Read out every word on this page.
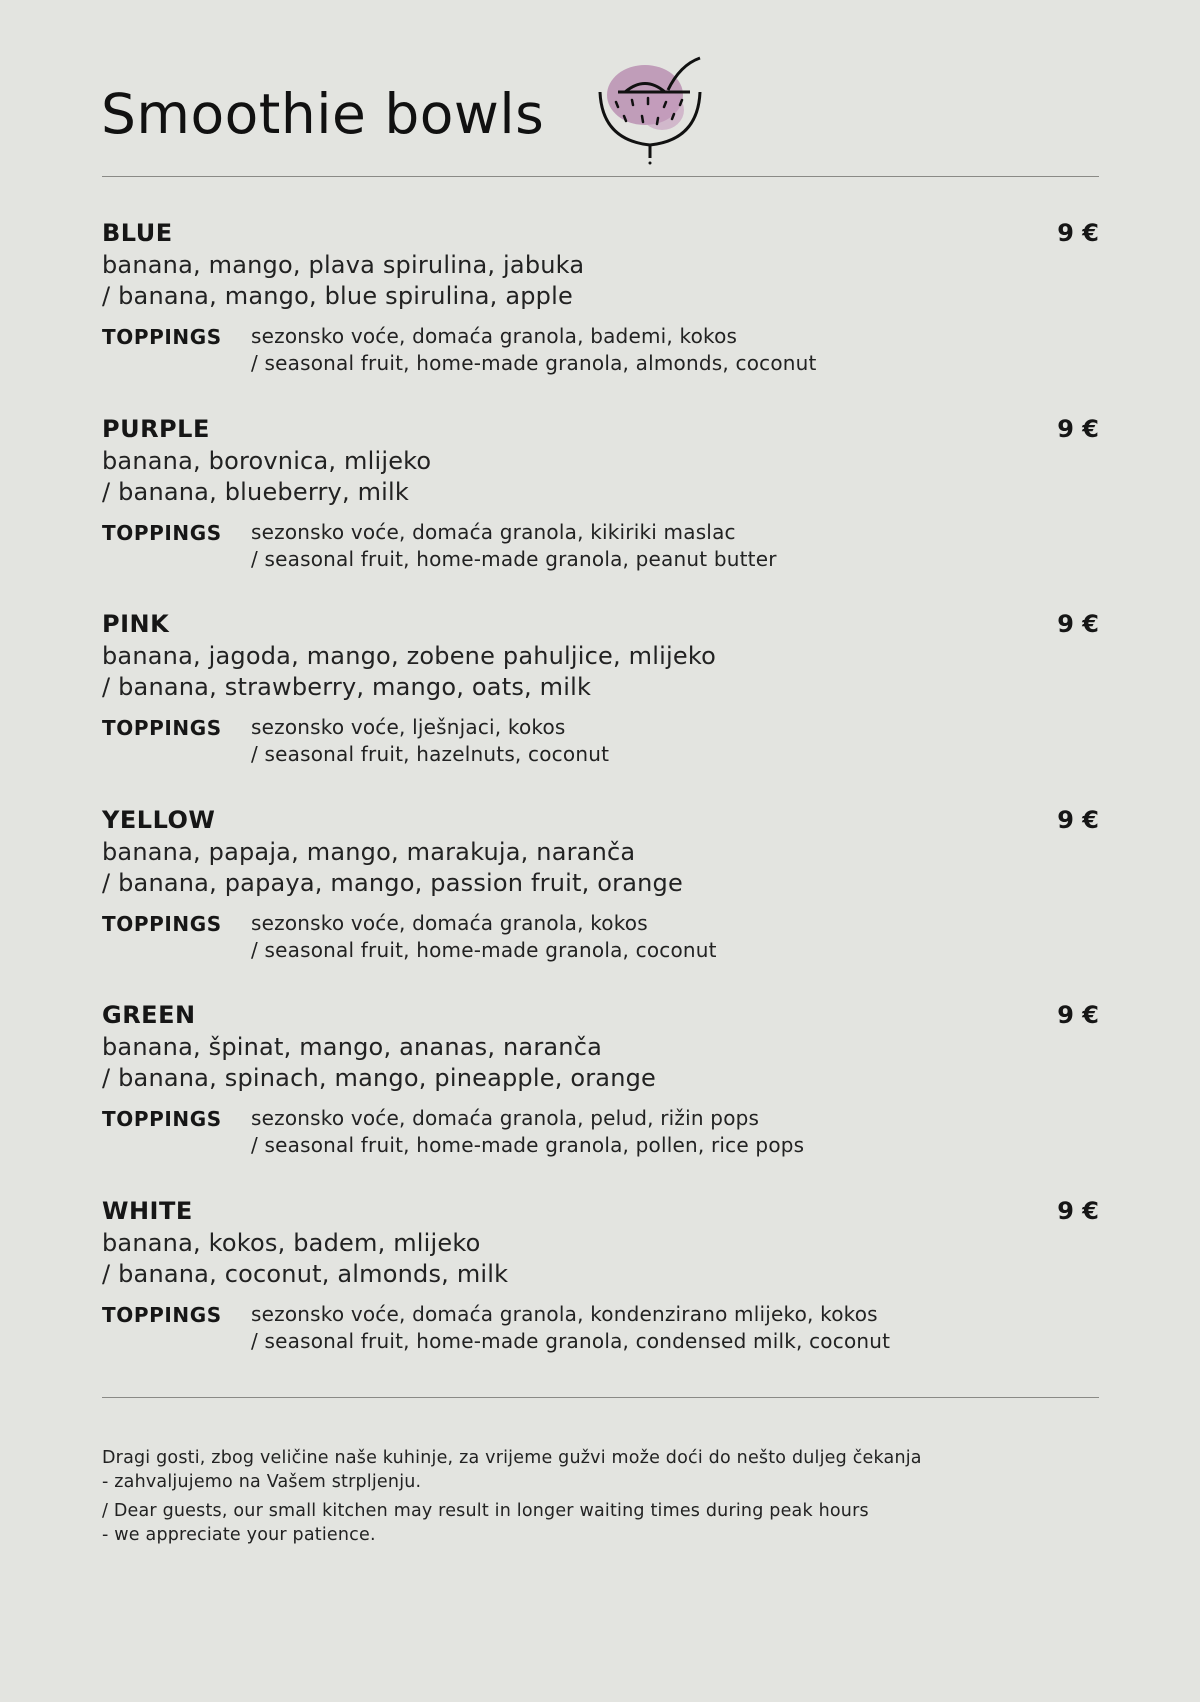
Smoothie bowls
BLUE	9 €
banana, mango, plava spirulina, jabuka
/ banana, mango, blue spirulina, apple
TOPPINGS sezonsko voće, domaća granola, bademi, kokos
/ seasonal fruit, home-made granola, almonds, coconut
PURPLE	9 €
banana, borovnica, mlijeko
/ banana, blueberry, milk
TOPPINGS sezonsko voće, domaća granola, kikiriki maslac
/ seasonal fruit, home-made granola, peanut butter
PINK	9 €
banana, jagoda, mango, zobene pahuljice, mlijeko
/ banana, strawberry, mango, oats, milk
TOPPINGS sezonsko voće, lješnjaci, kokos
/ seasonal fruit, hazelnuts, coconut
YELLOW	9 €
banana, papaja, mango, marakuja, naranča
/ banana, papaya, mango, passion fruit, orange
TOPPINGS sezonsko voće, domaća granola, kokos
/ seasonal fruit, home-made granola, coconut
GREEN	9 €
banana, špinat, mango, ananas, naranča
/ banana, spinach, mango, pineapple, orange
TOPPINGS sezonsko voće, domaća granola, pelud, rižin pops
/ seasonal fruit, home-made granola, pollen, rice pops
WHITE	9 €
banana, kokos, badem, mlijeko
/ banana, coconut, almonds, milk
TOPPINGS sezonsko voće, domaća granola, kondenzirano mlijeko, kokos
/ seasonal fruit, home-made granola, condensed milk, coconut
Dragi gosti, zbog veličine naše kuhinje, za vrijeme gužvi može doći do nešto duljeg čekanja
- zahvaljujemo na Vašem strpljenju.
/ Dear guests, our small kitchen may result in longer waiting times during peak hours
- we appreciate your patience.
